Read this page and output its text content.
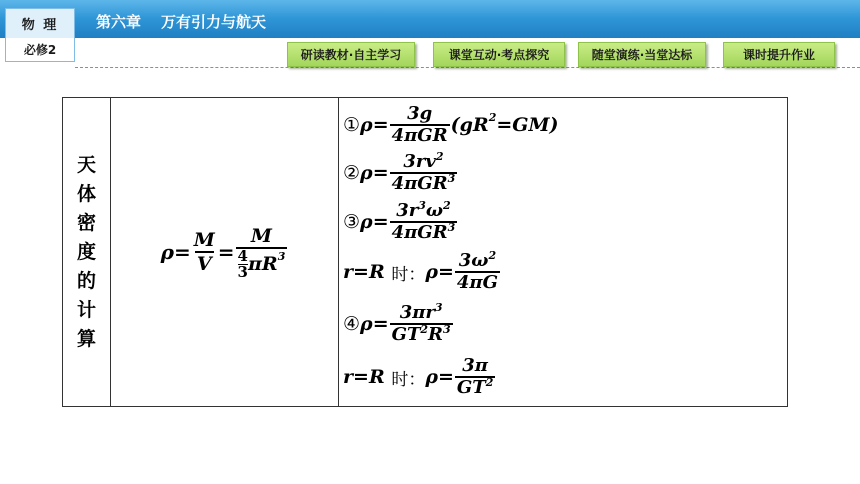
物 理	第六章 万有引力与航天
必修2	研读教材·自主学习	课堂互动·考点探究	随堂演练·当堂达标	课时提升作业
天体密度的计算
$\rho = \frac{M}{V} = \frac{M}{\frac{4}{3} \pi R^3}$
① $\rho = \frac{3g}{\text{4πGR}} (gR^2 = GM)$
② $\rho = \frac{3rv^2}{4\pi GR^3}$
③ $\rho = \frac{3r^3\omega^2}{4\pi GR^3}$
r = R 时： $\rho = \frac{3\omega^2}{4\pi G}$
④ $\rho = \frac{3\pi r^3}{GT^2R^3}$
r = R 时： $\rho = \frac{3\pi}{GT^2}$
